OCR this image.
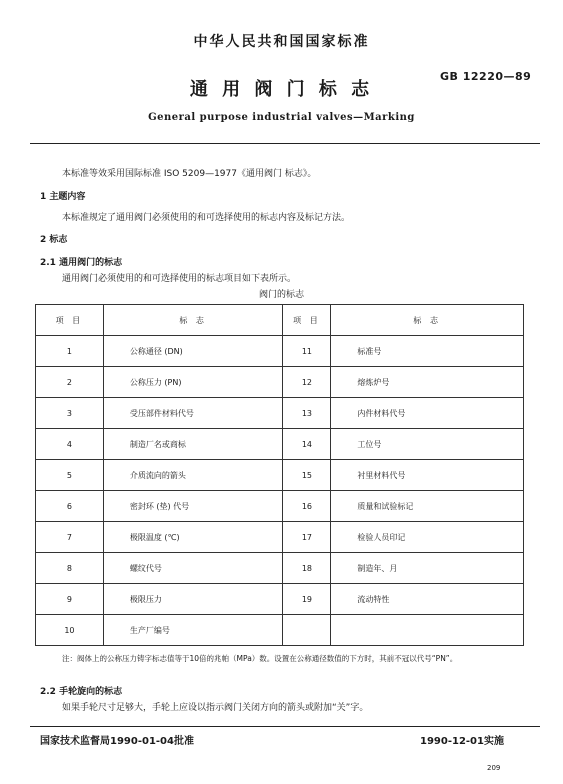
中华人民共和国国家标准
GB 12220—89
通 用 阀 门 标 志
General purpose industrial valves—Marking
本标准等效采用国际标准 ISO 5209—1977《通用阀门 标志》。
1 主题内容
本标准规定了通用阀门必须使用的和可选择使用的标志内容及标记方法。
2 标志
2.1 通用阀门的标志
通用阀门必须使用的和可选择使用的标志项目如下表所示。
阀门的标志
项 目	标 志	项 目	标 志
1	公称通径 (DN)	11	标准号
2	公称压力 (PN)	12	熔炼炉号
3	受压部件材料代号	13	内件材料代号
4	制造厂名或商标	14	工位号
5	介质流向的箭头	15	衬里材料代号
6	密封环 (垫) 代号	16	质量和试验标记
7	极限温度 (℃)	17	检验人员印记
8	螺纹代号	18	制造年、月
9	极限压力	19	流动特性
10	生产厂编号		
注：阀体上的公称压力铸字标志值等于10倍的兆帕（MPa）数。设置在公称通径数值的下方时，其前不冠以代号“PN”。
2.2 手轮旋向的标志
如果手轮尺寸足够大，手轮上应设以指示阀门关闭方向的箭头或附加“关”字。
国家技术监督局1990-01-04批准	1990-12-01实施
209
